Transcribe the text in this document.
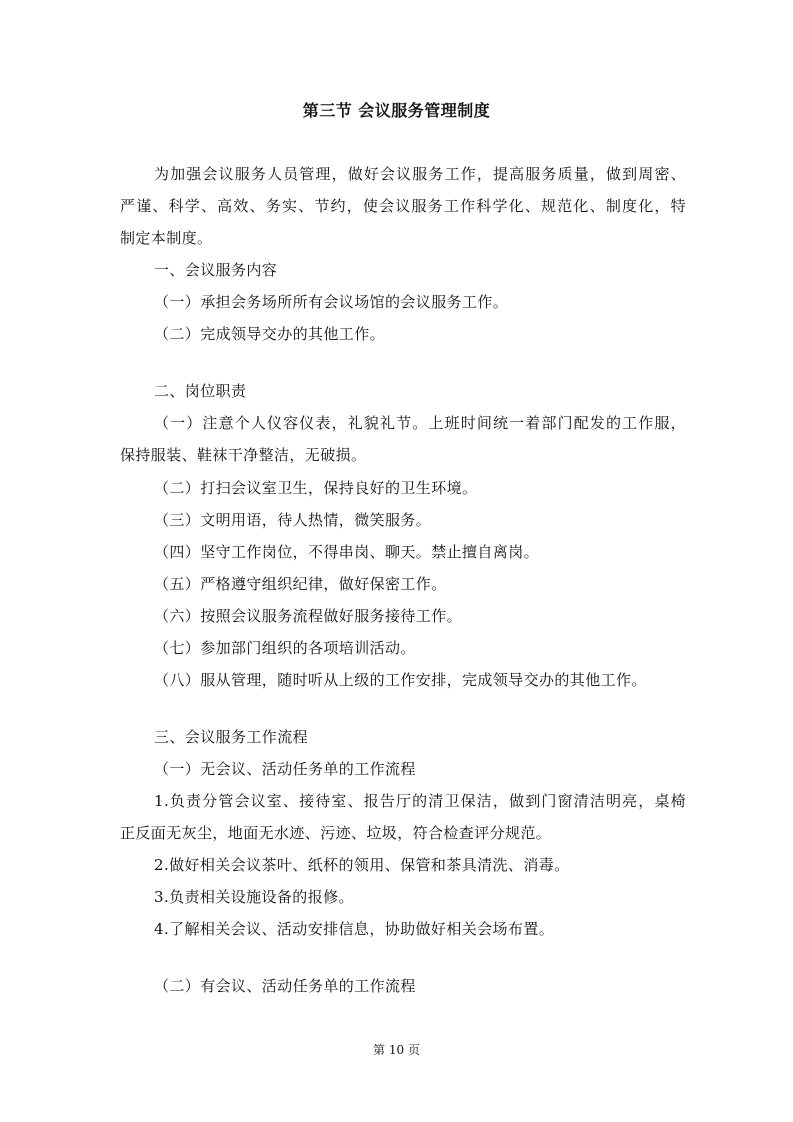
第三节 会议服务管理制度
为加强会议服务人员管理，做好会议服务工作，提高服务质量，做到周密、
严谨、科学、高效、务实、节约，使会议服务工作科学化、规范化、制度化，特
制定本制度。
一、会议服务内容
（一）承担会务场所所有会议场馆的会议服务工作。
（二）完成领导交办的其他工作。
二、岗位职责
（一）注意个人仪容仪表，礼貌礼节。上班时间统一着部门配发的工作服，
保持服装、鞋袜干净整洁，无破损。
（二）打扫会议室卫生，保持良好的卫生环境。
（三）文明用语，待人热情，微笑服务。
（四）坚守工作岗位，不得串岗、聊天。禁止擅自离岗。
（五）严格遵守组织纪律，做好保密工作。
（六）按照会议服务流程做好服务接待工作。
（七）参加部门组织的各项培训活动。
（八）服从管理，随时听从上级的工作安排，完成领导交办的其他工作。
三、会议服务工作流程
（一）无会议、活动任务单的工作流程
1.负责分管会议室、接待室、报告厅的清卫保洁，做到门窗清洁明亮，桌椅
正反面无灰尘，地面无水迹、污迹、垃圾，符合检查评分规范。
2.做好相关会议茶叶、纸杯的领用、保管和茶具清洗、消毒。
3.负责相关设施设备的报修。
4.了解相关会议、活动安排信息，协助做好相关会场布置。
（二）有会议、活动任务单的工作流程
第 10 页
